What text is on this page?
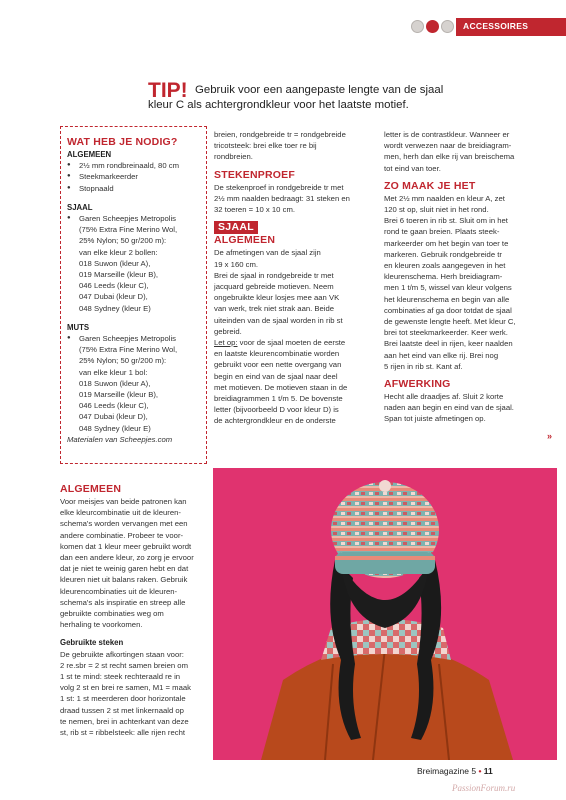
ACCESSOIRES
TIP! Gebruik voor een aangepaste lengte van de sjaal
kleur C als achtergrondkleur voor het laatste motief.
WAT HEB JE NODIG?
ALGEMEEN
● 2½ mm rondbreinaald, 80 cm
● Steekmarkeerder
● Stopnaald
SJAAL
● Garen Scheepjes Metropolis
(75% Extra Fine Merino Wol,
25% Nylon; 50 gr/200 m):
van elke kleur 2 bollen:
018 Suwon (kleur A),
019 Marseille (kleur B),
046 Leeds (kleur C),
047 Dubai (kleur D),
048 Sydney (kleur E)
MUTS
● Garen Scheepjes Metropolis
(75% Extra Fine Merino Wol,
25% Nylon; 50 gr/200 m):
van elke kleur 1 bol:
018 Suwon (kleur A),
019 Marseille (kleur B),
046 Leeds (kleur C),
047 Dubai (kleur D),
048 Sydney (kleur E)
Materialen van Scheepjes.com
breien, rondgebreide tr = rondgebreide
tricotsteek: brei elke toer re bij
rondbreien.
STEKENPROEF
De stekenproef in rondgebreide tr met
2½ mm naalden bedraagt: 31 steken en
32 toeren = 10 x 10 cm.
SJAAL
ALGEMEEN
De afmetingen van de sjaal zijn
19 x 160 cm.
Brei de sjaal in rondgebreide tr met
jacquard gebreide motieven. Neem
ongebruikte kleur losjes mee aan VK
van werk, trek niet strak aan. Beide
uiteinden van de sjaal worden in rib st
gebreid.
Let op: voor de sjaal moeten de eerste
en laatste kleurencombinatie worden
gebruikt voor een nette overgang van
begin en eind van de sjaal naar deel
met motieven. De motieven staan in de
breidiagrammen 1 t/m 5. De bovenste
letter (bijvoorbeeld D voor kleur D) is
de achtergrondkleur en de onderste
letter is de contrastkleur. Wanneer er
wordt verwezen naar de breidiagram-
men, herh dan elke rij van breischema
tot eind van toer.
ZO MAAK JE HET
Met 2½ mm naalden en kleur A, zet
120 st op, sluit niet in het rond.
Brei 6 toeren in rib st. Sluit om in het
rond te gaan breien. Plaats steek-
markeerder om het begin van toer te
markeren. Gebruik rondgebreide tr
en kleuren zoals aangegeven in het
kleurenschema. Herh breidiagram-
men 1 t/m 5, wissel van kleur volgens
het kleurenschema en begin van alle
combinaties af ga door totdat de sjaal
de gewenste lengte heeft. Met kleur C,
brei tot steekmarkeerder. Keer werk.
Brei laatste deel in rijen, keer naalden
aan het eind van elke rij. Brei nog
5 rijen in rib st. Kant af.
AFWERKING
Hecht alle draadjes af. Sluit 2 korte
naden aan begin en eind van de sjaal.
Span tot juiste afmetingen op.
»
ALGEMEEN
Voor meisjes van beide patronen kan
elke kleurcombinatie uit de kleuren-
schema's worden vervangen met een
andere combinatie. Probeer te voor-
komen dat 1 kleur meer gebruikt wordt
dan een andere kleur, zo zorg je ervoor
dat je niet te weinig garen hebt en dat
kleuren niet uit balans raken. Gebruik
kleurencombinaties uit de kleuren-
schema's als inspiratie en streep alle
gebruikte combinaties weg om
herhaling te voorkomen.
Gebruikte steken
De gebruikte afkortingen staan voor:
2 re.sbr = 2 st recht samen breien om
1 st te mind: steek rechteraald re in
volg 2 st en brei re samen, M1 = maak
1 st: 1 st meerderen door horizontale
draad tussen 2 st met linkernaald op
te nemen, brei in achterkant van deze
st, rib st = ribbelsteek: alle rijen recht
Breimagazine 5 • 11
PassionForum.ru
